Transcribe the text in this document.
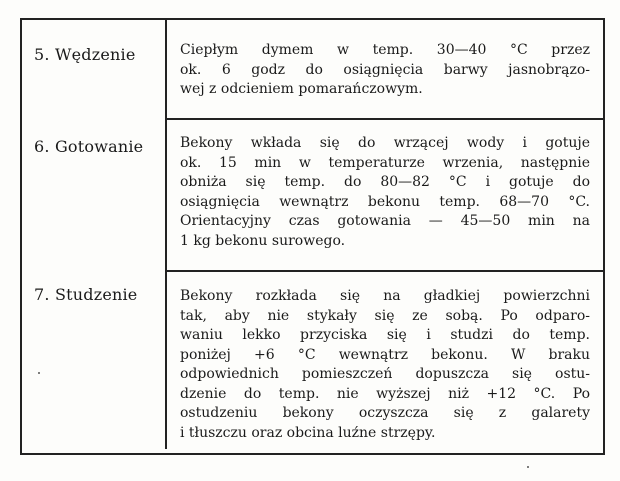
5. Wędzenie	Ciepłym dymem w temp. 30—40 °C przez
ok. 6 godz do osiągnięcia barwy jasnobrązo-
wej z odcieniem pomarańczowym.
6. Gotowanie	Bekony wkłada się do wrzącej wody i gotuje
ok. 15 min w temperaturze wrzenia, następnie
obniża się temp. do 80—82 °C i gotuje do
osiągnięcia wewnątrz bekonu temp. 68—70 °C.
Orientacyjny czas gotowania — 45—50 min na
1 kg bekonu surowego.
7. Studzenie	Bekony rozkłada się na gładkiej powierzchni
tak, aby nie stykały się ze sobą. Po odparo-
waniu lekko przyciska się i studzi do temp.
poniżej +6 °C wewnątrz bekonu. W braku
odpowiednich pomieszczeń dopuszcza się ostu-
dzenie do temp. nie wyższej niż +12 °C. Po
ostudzeniu bekony oczyszcza się z galarety
i tłuszczu oraz obcina luźne strzępy.
